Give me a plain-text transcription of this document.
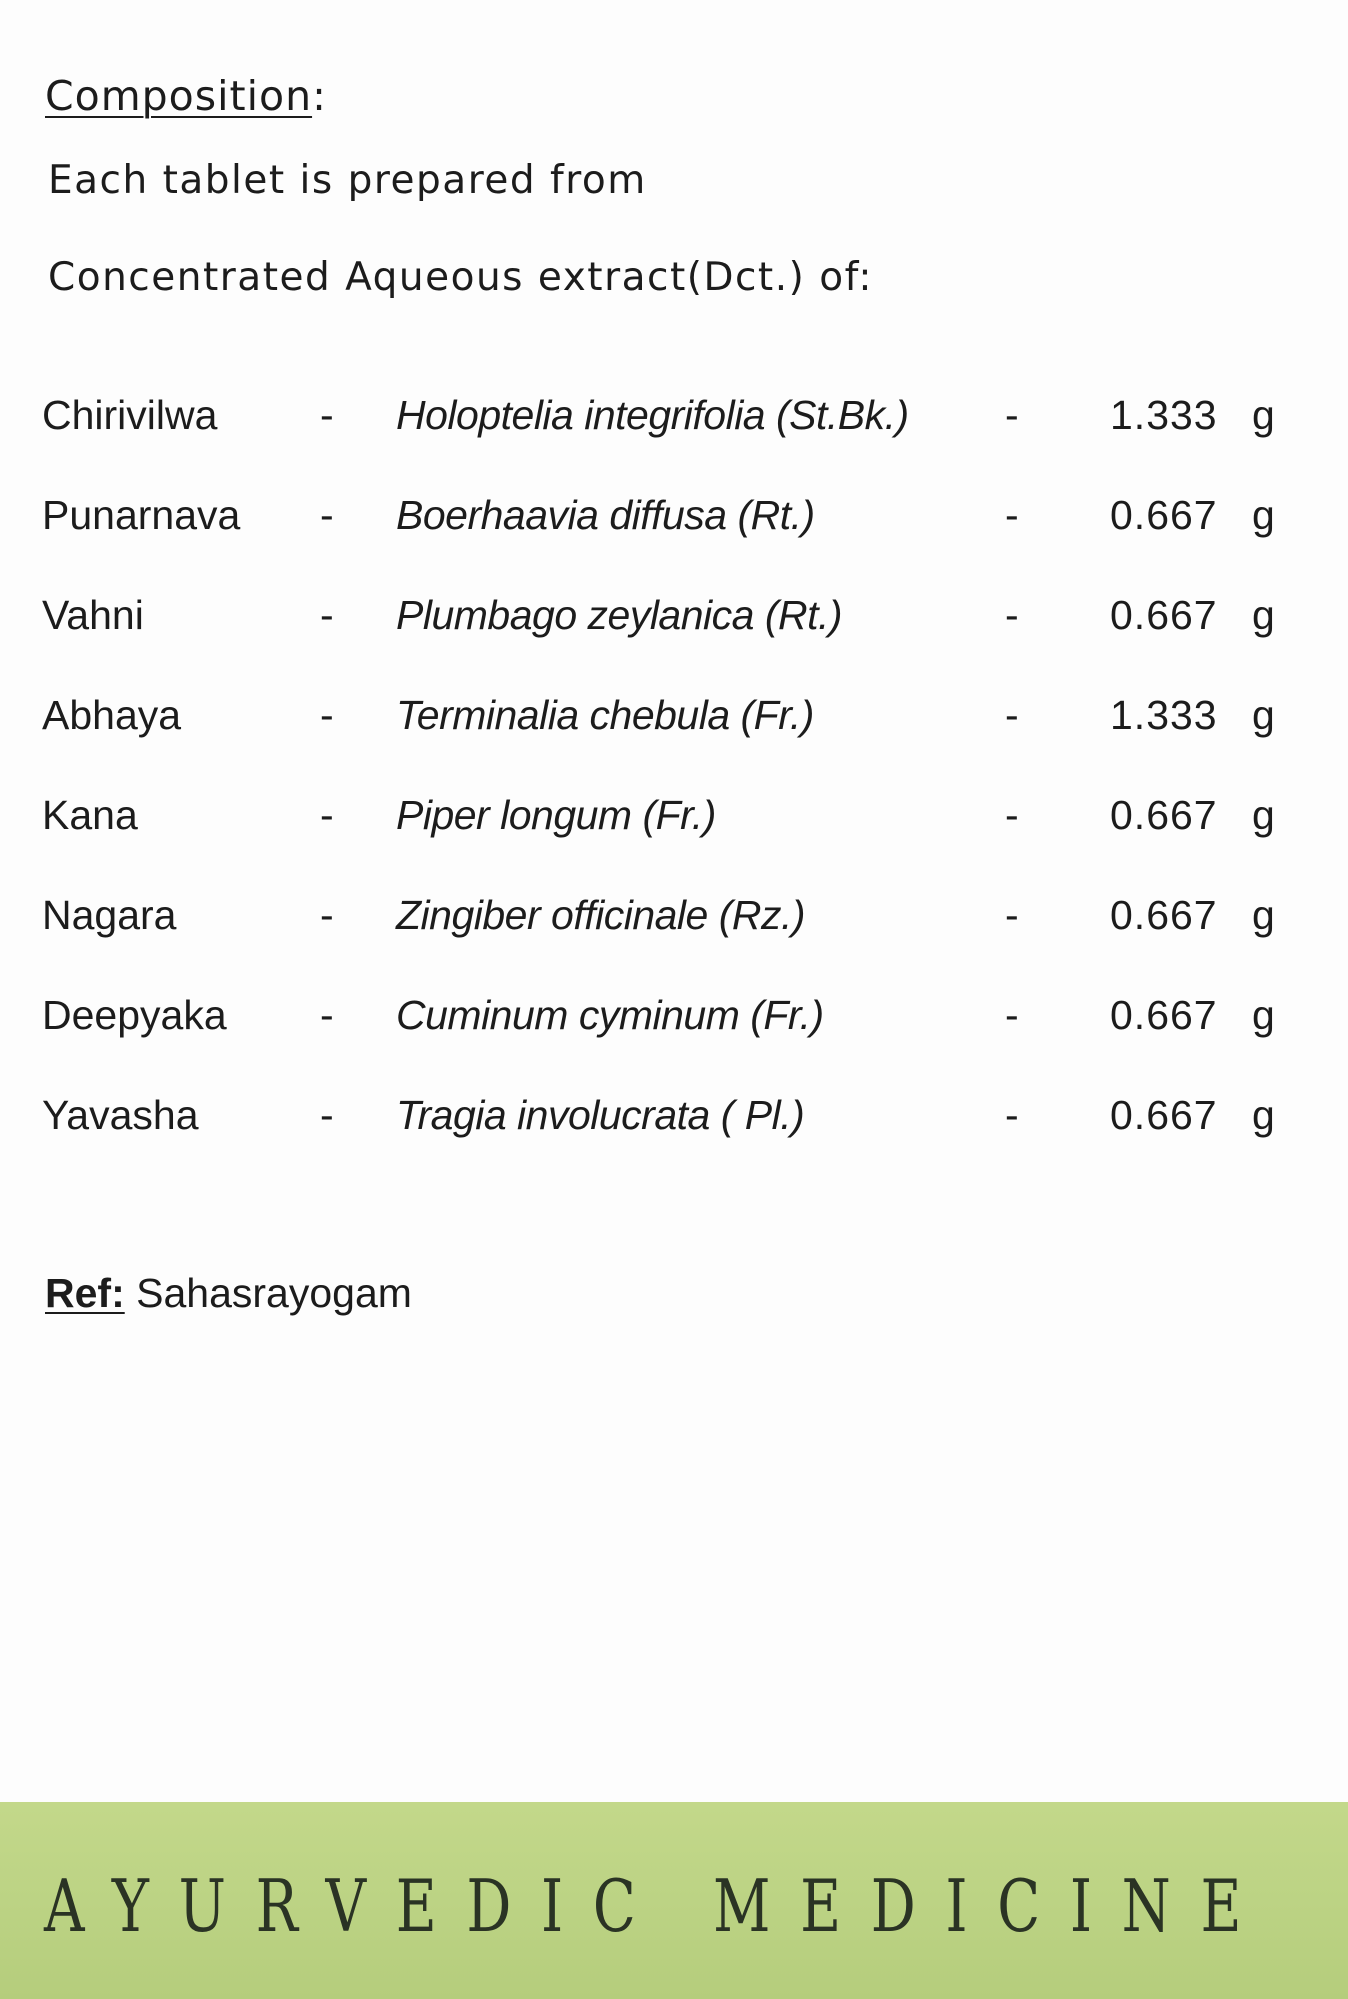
Composition:
Each tablet is prepared from
Concentrated Aqueous extract(Dct.) of:
Chirivilwa	- Holoptelia integrifolia (St.Bk.) - 1.333 g
Punarnava - Boerhaavia diffusa (Rt.)	- 0.667 g
Vahni	- Plumbago zeylanica (Rt.)	- 0.667 g
Abhaya	- Terminalia chebula (Fr.)	- 1.333 g
Kana	- Piper longum (Fr.)	- 0.667 g
Nagara	- Zingiber officinale (Rz.)	- 0.667 g
Deepyaka - Cuminum cyminum (Fr.)	- 0.667 g
Yavasha	- Tragia involucrata ( Pl.)	- 0.667 g
Ref: Sahasrayogam
AYURVEDIC MEDICINE
